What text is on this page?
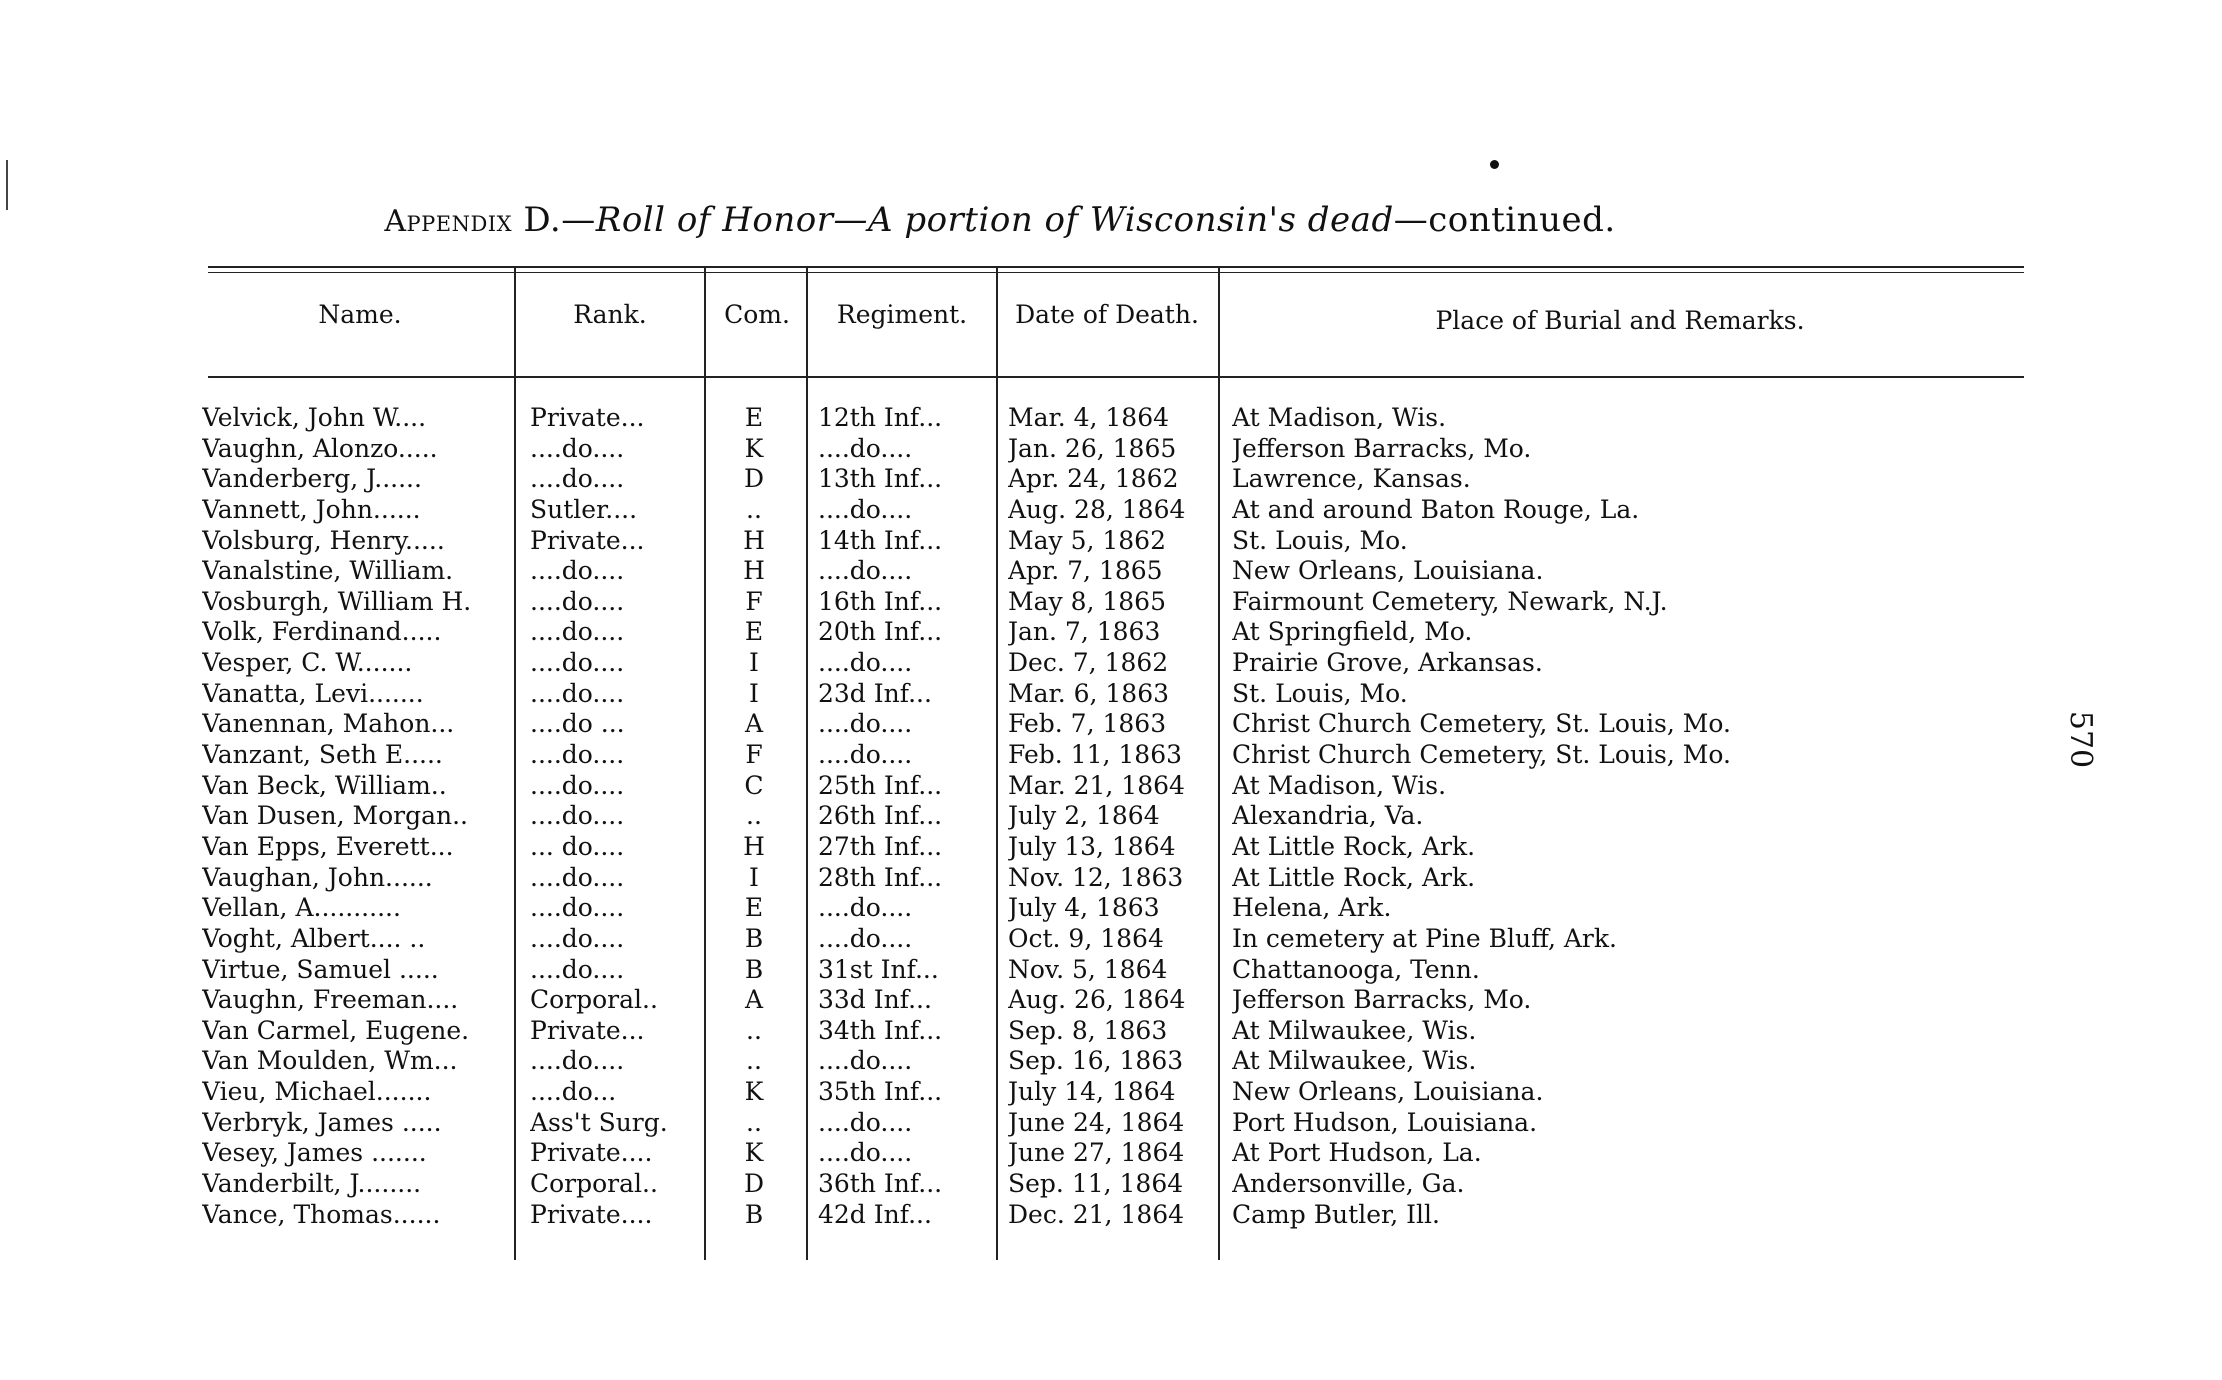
Appendix D.—Roll of Honor—A portion of Wisconsin's dead—continued.
Name.	Rank.	Com.	Regiment.	Date of Death.	Place of Burial and Remarks.
Velvick, John W....	Private...	E	12th Inf...	Mar. 4, 1864	At Madison, Wis.
Vaughn, Alonzo.....	....do....	K	....do....	Jan. 26, 1865	Jefferson Barracks, Mo.
Vanderberg, J......	....do....	D	13th Inf...	Apr. 24, 1862	Lawrence, Kansas.
Vannett, John......	Sutler....	..	....do....	Aug. 28, 1864	At and around Baton Rouge, La.
Volsburg, Henry.....	Private...	H	14th Inf...	May 5, 1862	St. Louis, Mo.
Vanalstine, William.	....do....	H	....do....	Apr. 7, 1865	New Orleans, Louisiana.
Vosburgh, William H.	....do....	F	16th Inf...	May 8, 1865	Fairmount Cemetery, Newark, N.J.
Volk, Ferdinand.....	....do....	E	20th Inf...	Jan. 7, 1863	At Springfield, Mo.
Vesper, C. W.......	....do....	I	....do....	Dec. 7, 1862	Prairie Grove, Arkansas.
Vanatta, Levi.......	....do....	I	23d Inf...	Mar. 6, 1863	St. Louis, Mo.
Vanennan, Mahon...	....do ...	A	....do....	Feb. 7, 1863	Christ Church Cemetery, St. Louis, Mo.
Vanzant, Seth E.....	....do....	F	....do....	Feb. 11, 1863	Christ Church Cemetery, St. Louis, Mo.
Van Beck, William..	....do....	C	25th Inf...	Mar. 21, 1864	At Madison, Wis.
Van Dusen, Morgan..	....do....	..	26th Inf...	July 2, 1864	Alexandria, Va.
Van Epps, Everett...	... do....	H	27th Inf...	July 13, 1864	At Little Rock, Ark.
Vaughan, John......	....do....	I	28th Inf...	Nov. 12, 1863	At Little Rock, Ark.
Vellan, A...........	....do....	E	....do....	July 4, 1863	Helena, Ark.
Voght, Albert.... ..	....do....	B	....do....	Oct. 9, 1864	In cemetery at Pine Bluff, Ark.
Virtue, Samuel .....	....do....	B	31st Inf...	Nov. 5, 1864	Chattanooga, Tenn.
Vaughn, Freeman....	Corporal..	A	33d Inf...	Aug. 26, 1864	Jefferson Barracks, Mo.
Van Carmel, Eugene.	Private...	..	34th Inf...	Sep. 8, 1863	At Milwaukee, Wis.
Van Moulden, Wm...	....do....	..	....do....	Sep. 16, 1863	At Milwaukee, Wis.
Vieu, Michael.......	....do...	K	35th Inf...	July 14, 1864	New Orleans, Louisiana.
Verbryk, James .....	Ass't Surg.	..	....do....	June 24, 1864	Port Hudson, Louisiana.
Vesey, James .......	Private....	K	....do....	June 27, 1864	At Port Hudson, La.
Vanderbilt, J........	Corporal..	D	36th Inf...	Sep. 11, 1864	Andersonville, Ga.
Vance, Thomas......	Private....	B	42d Inf...	Dec. 21, 1864	Camp Butler, Ill.
570
